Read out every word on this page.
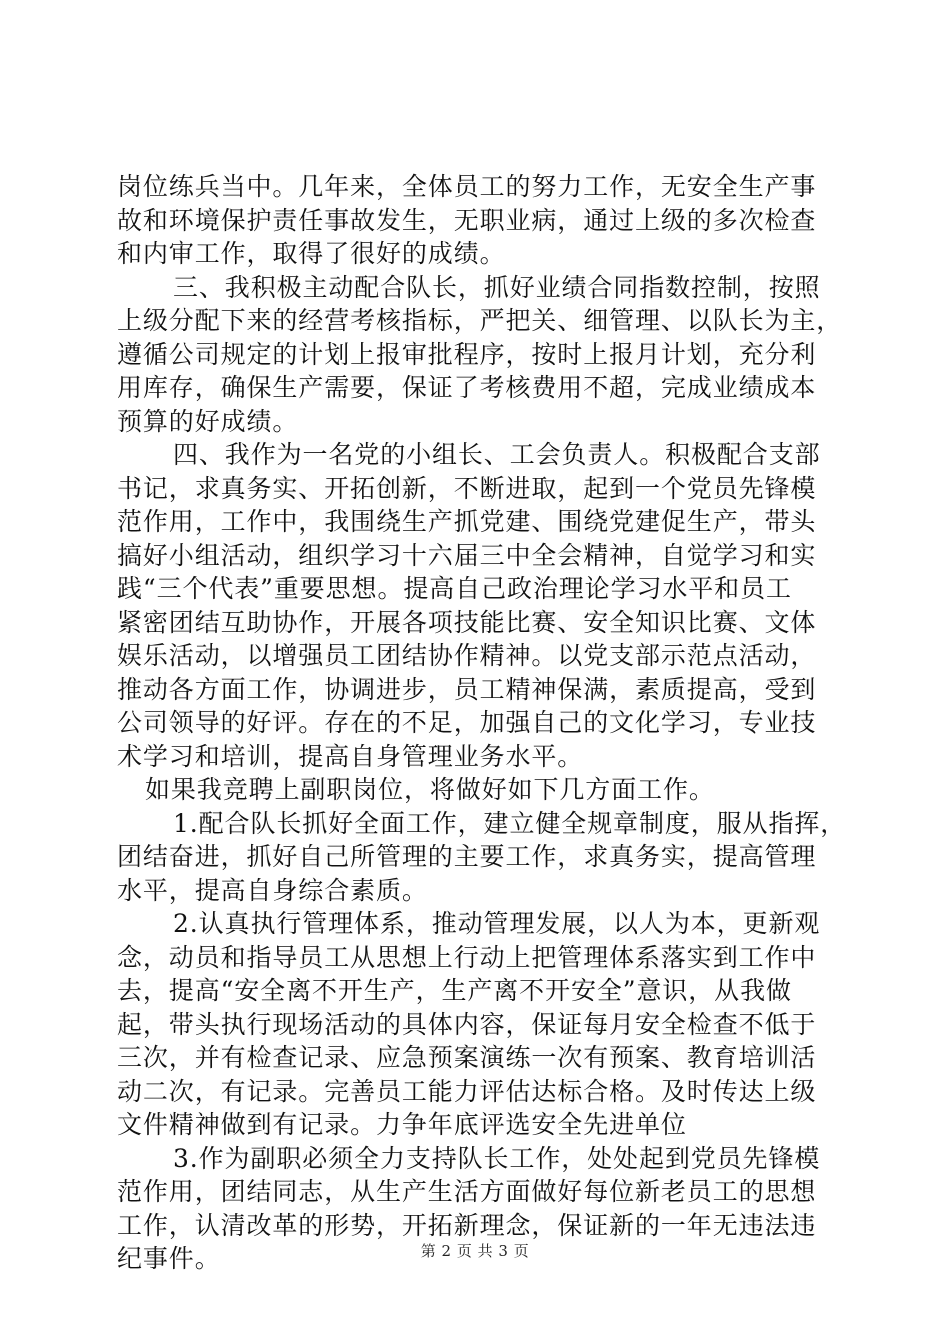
岗位练兵当中。几年来，全体员工的努力工作，无安全生产事
故和环境保护责任事故发生，无职业病，通过上级的多次检查
和内审工作，取得了很好的成绩。
三、我积极主动配合队长，抓好业绩合同指数控制，按照
上级分配下来的经营考核指标，严把关、细管理、以队长为主，
遵循公司规定的计划上报审批程序，按时上报月计划，充分利
用库存，确保生产需要，保证了考核费用不超，完成业绩成本
预算的好成绩。
四、我作为一名党的小组长、工会负责人。积极配合支部
书记，求真务实、开拓创新，不断进取，起到一个党员先锋模
范作用，工作中，我围绕生产抓党建、围绕党建促生产，带头
搞好小组活动，组织学习十六届三中全会精神，自觉学习和实
践“三个代表”重要思想。提高自己政治理论学习水平和员工
紧密团结互助协作，开展各项技能比赛、安全知识比赛、文体
娱乐活动，以增强员工团结协作精神。以党支部示范点活动，
推动各方面工作，协调进步，员工精神保满，素质提高，受到
公司领导的好评。存在的不足，加强自己的文化学习，专业技
术学习和培训，提高自身管理业务水平。
如果我竞聘上副职岗位，将做好如下几方面工作。
1.配合队长抓好全面工作，建立健全规章制度，服从指挥，
团结奋进，抓好自己所管理的主要工作，求真务实，提高管理
水平，提高自身综合素质。
2.认真执行管理体系，推动管理发展，以人为本，更新观
念，动员和指导员工从思想上行动上把管理体系落实到工作中
去，提高“安全离不开生产，生产离不开安全”意识，从我做
起，带头执行现场活动的具体内容，保证每月安全检查不低于
三次，并有检查记录、应急预案演练一次有预案、教育培训活
动二次，有记录。完善员工能力评估达标合格。及时传达上级
文件精神做到有记录。力争年底评选安全先进单位
3.作为副职必须全力支持队长工作，处处起到党员先锋模
范作用，团结同志，从生产生活方面做好每位新老员工的思想
工作，认清改革的形势，开拓新理念，保证新的一年无违法违
纪事件。	第 2 页 共 3 页
